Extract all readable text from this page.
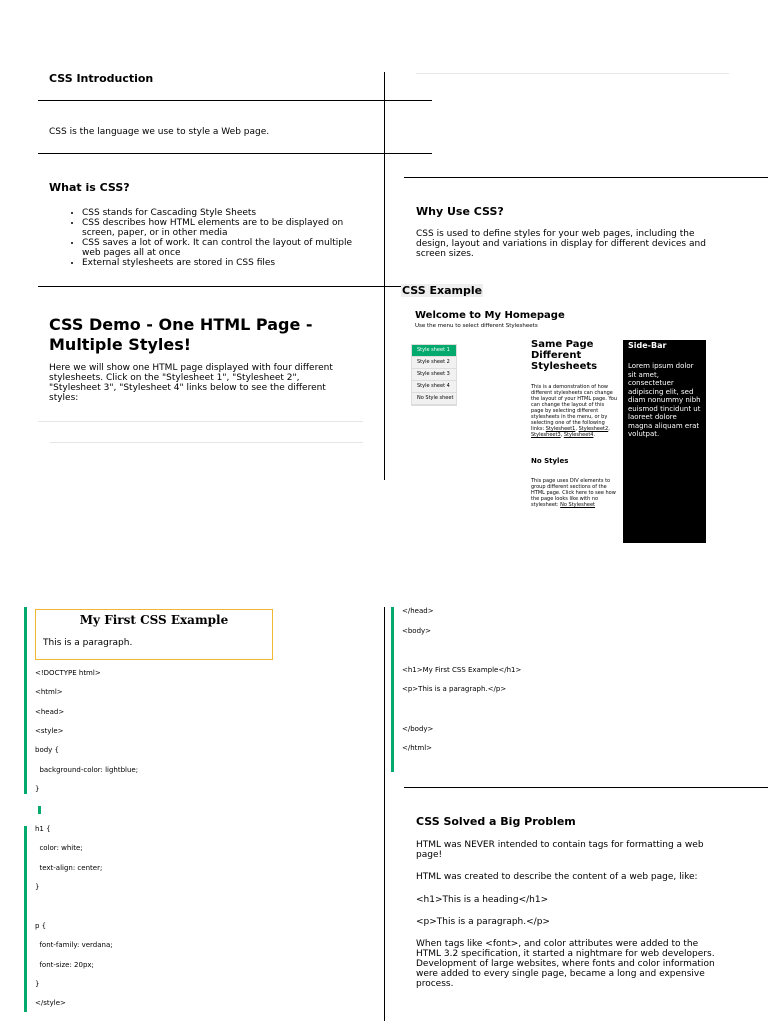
CSS Introduction
CSS is the language we use to style a Web page.
What is CSS?
• CSS stands for Cascading Style Sheets
• CSS describes how HTML elements are to be displayed on screen, paper, or in other media
• CSS saves a lot of work. It can control the layout of multiple web pages all at once
• External stylesheets are stored in CSS files
CSS Demo - One HTML Page - Multiple Styles!
Here we will show one HTML page displayed with four different stylesheets. Click on the "Stylesheet 1", "Stylesheet 2", "Stylesheet 3", "Stylesheet 4" links below to see the different styles:
Why Use CSS?
CSS is used to define styles for your web pages, including the design, layout and variations in display for different devices and screen sizes.
CSS Example
Welcome to My Homepage
Use the menu to select different Stylesheets
Style sheet 1
Style sheet 2
Style sheet 3
Style sheet 4
No Style sheet
Same Page Different Stylesheets
This is a demonstration of how different stylesheets can change the layout of your HTML page. You can change the layout of this page by selecting different stylesheets in the menu, or by selecting one of the following links: Stylesheet1, Stylesheet2, Stylesheet3, Stylesheet4.
No Styles
This page uses DIV elements to group different sections of the HTML page. Click here to see how the page looks like with no stylesheet: No Stylesheet
Side-Bar
Lorem ipsum dolor sit amet, consectetuer adipiscing elit, sed diam nonummy nibh euismod tincidunt ut laoreet dolore magna aliquam erat volutpat.
My First CSS Example
This is a paragraph.
<!DOCTYPE html>
<html>
<head>
<style>
body {
background-color: lightblue;
}
h1 {
color: white;
text-align: center;
}
p {
font-family: verdana;
font-size: 20px;
}
</style>
</head>
<body>
<h1>My First CSS Example</h1>
<p>This is a paragraph.</p>
</body>
</html>
CSS Solved a Big Problem
HTML was NEVER intended to contain tags for formatting a web page!
HTML was created to describe the content of a web page, like:
<h1>This is a heading</h1>
<p>This is a paragraph.</p>
When tags like <font>, and color attributes were added to the HTML 3.2 specification, it started a nightmare for web developers. Development of large websites, where fonts and color information were added to every single page, became a long and expensive process.
